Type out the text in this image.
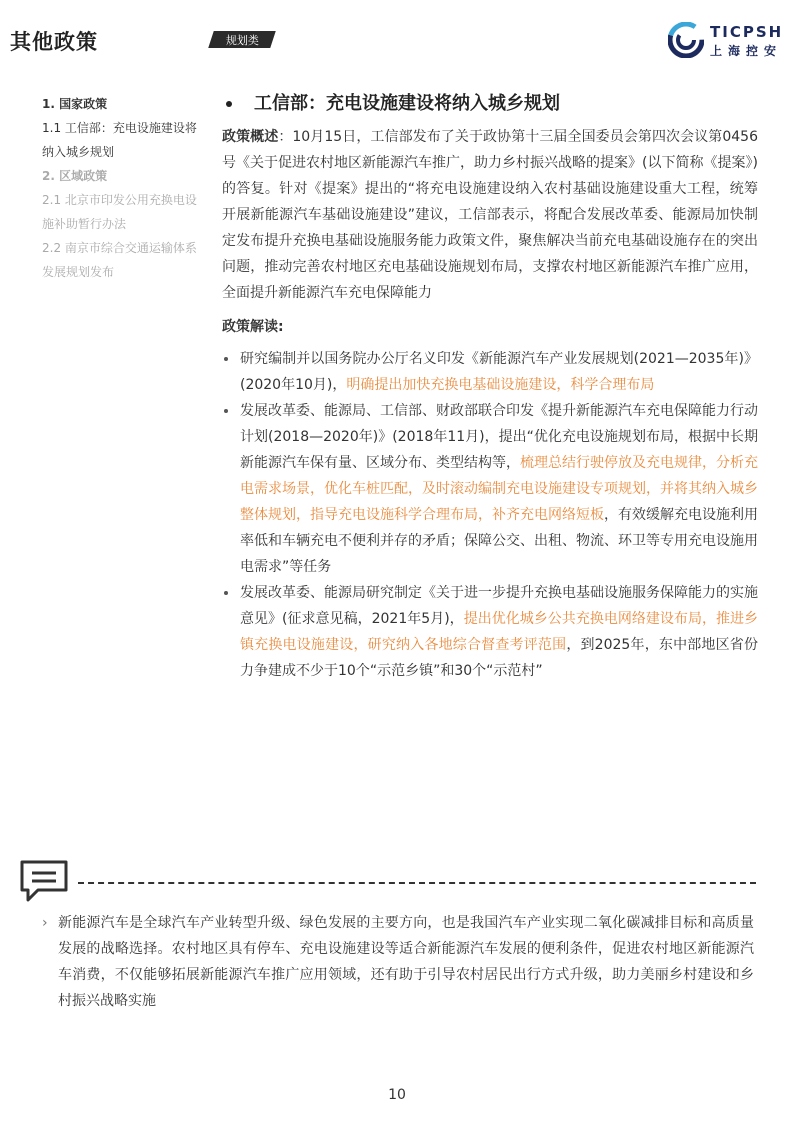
其他政策	规划类	TICPSH
上海控安
1. 国家政策
1.1 工信部：充电设施建设将纳入城乡规划
2. 区域政策
2.1 北京市印发公用充换电设施补助暂行办法
2.2 南京市综合交通运输体系发展规划发布
工信部：充电设施建设将纳入城乡规划
政策概述：10月15日，工信部发布了关于政协第十三届全国委员会第四次会议第0456号《关于促进农村地区新能源汽车推广，助力乡村振兴战略的提案》(以下简称《提案》)的答复。针对《提案》提出的“将充电设施建设纳入农村基础设施建设重大工程，统筹开展新能源汽车基础设施建设”建议，工信部表示，将配合发展改革委、能源局加快制定发布提升充换电基础设施服务能力政策文件，聚焦解决当前充电基础设施存在的突出问题，推动完善农村地区充电基础设施规划布局，支撑农村地区新能源汽车推广应用，全面提升新能源汽车充电保障能力
政策解读:
研究编制并以国务院办公厅名义印发《新能源汽车产业发展规划(2021—2035年)》(2020年10月)，明确提出加快充换电基础设施建设，科学合理布局
发展改革委、能源局、工信部、财政部联合印发《提升新能源汽车充电保障能力行动计划(2018—2020年)》(2018年11月)，提出“优化充电设施规划布局，根据中长期新能源汽车保有量、区域分布、类型结构等，梳理总结行驶停放及充电规律，分析充电需求场景，优化车桩匹配，及时滚动编制充电设施建设专项规划，并将其纳入城乡整体规划，指导充电设施科学合理布局，补齐充电网络短板，有效缓解充电设施利用率低和车辆充电不便利并存的矛盾；保障公交、出租、物流、环卫等专用充电设施用电需求”等任务
发展改革委、能源局研究制定《关于进一步提升充换电基础设施服务保障能力的实施意见》(征求意见稿，2021年5月)，提出优化城乡公共充换电网络建设布局，推进乡镇充换电设施建设，研究纳入各地综合督查考评范围，到2025年，东中部地区省份力争建成不少于10个“示范乡镇”和30个“示范村”
› 新能源汽车是全球汽车产业转型升级、绿色发展的主要方向，也是我国汽车产业实现二氧化碳减排目标和高质量发展的战略选择。农村地区具有停车、充电设施建设等适合新能源汽车发展的便利条件，促进农村地区新能源汽车消费，不仅能够拓展新能源汽车推广应用领域，还有助于引导农村居民出行方式升级，助力美丽乡村建设和乡村振兴战略实施
10
